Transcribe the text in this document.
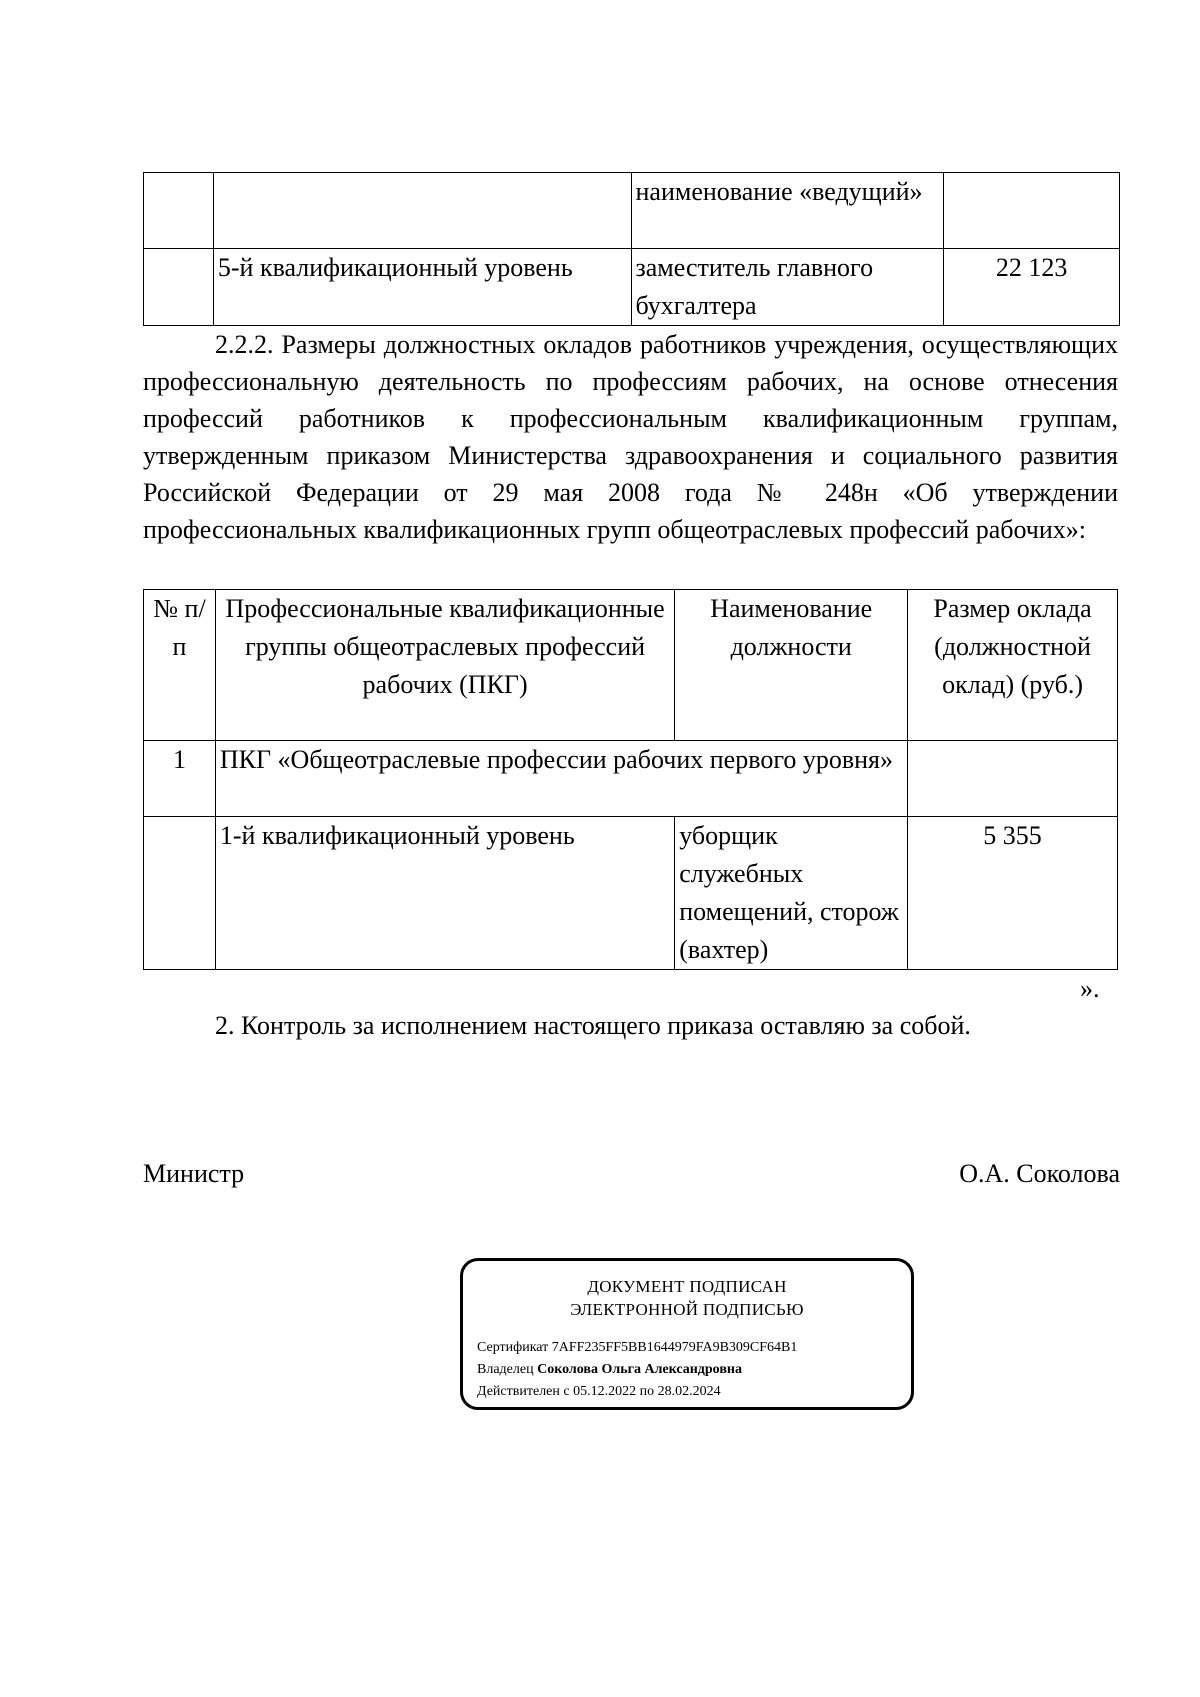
		наименование «ведущий»	
	5-й квалификационный уровень	заместитель главного бухгалтера	22 123
2.2.2. Размеры должностных окладов работников учреждения, осуществляющих профессиональную деятельность по профессиям рабочих, на основе отнесения профессий работников к профессиональным квалификационным группам, утвержденным приказом Министерства здравоохранения и социального развития Российской Федерации от 29 мая 2008 года № 248н «Об утверждении профессиональных квалификационных групп общеотраслевых профессий рабочих»:
№ п/п	Профессиональные квалификационные группы общеотраслевых профессий рабочих (ПКГ)	Наименование должности	Размер оклада (должностной оклад) (руб.)
1	ПКГ «Общеотраслевые профессии рабочих первого уровня»		
	1-й квалификационный уровень	уборщик служебных помещений, сторож (вахтер)	5 355
».
2. Контроль за исполнением настоящего приказа оставляю за собой.
Министр	О.А. Соколова
ДОКУМЕНТ ПОДПИСАН
ЭЛЕКТРОННОЙ ПОДПИСЬЮ
Сертификат 7AFF235FF5BB1644979FA9B309CF64B1
Владелец Соколова Ольга Александровна
Действителен с 05.12.2022 по 28.02.2024
